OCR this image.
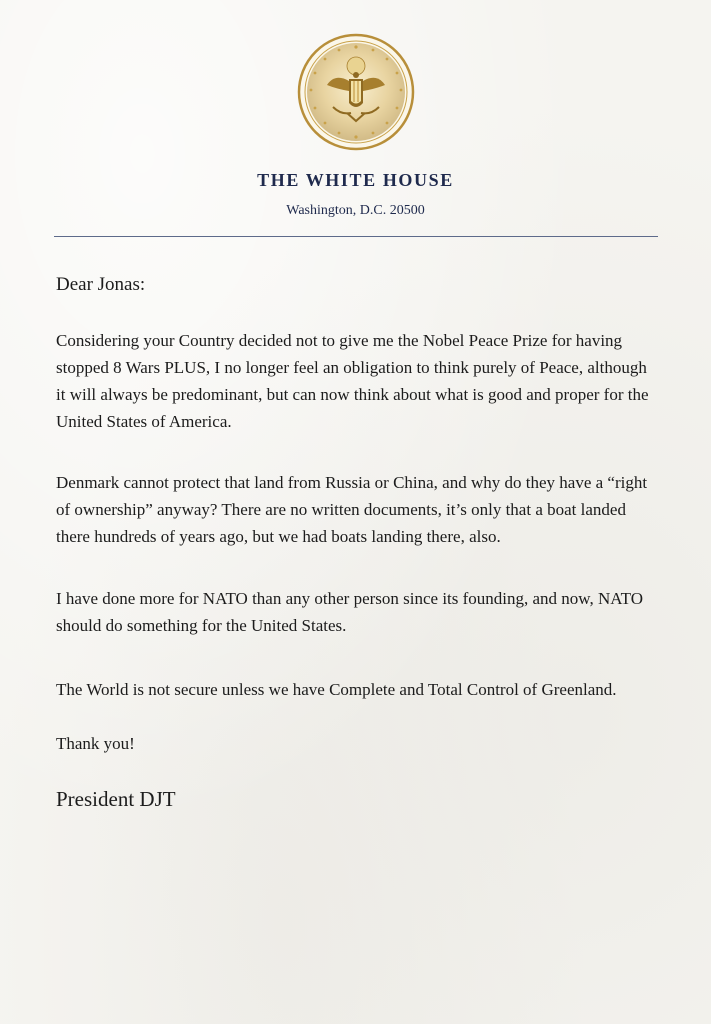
THE WHITE HOUSE
Washington, D.C. 20500
Dear Jonas:
Considering your Country decided not to give me the Nobel Peace Prize for having stopped 8 Wars PLUS, I no longer feel an obligation to think purely of Peace, although it will always be predominant, but can now think about what is good and proper for the United States of America.
Denmark cannot protect that land from Russia or China, and why do they have a “right of ownership” anyway? There are no written documents, it’s only that a boat landed there hundreds of years ago, but we had boats landing there, also.
I have done more for NATO than any other person since its founding, and now, NATO should do something for the United States.
The World is not secure unless we have Complete and Total Control of Greenland.
Thank you!
President DJT
